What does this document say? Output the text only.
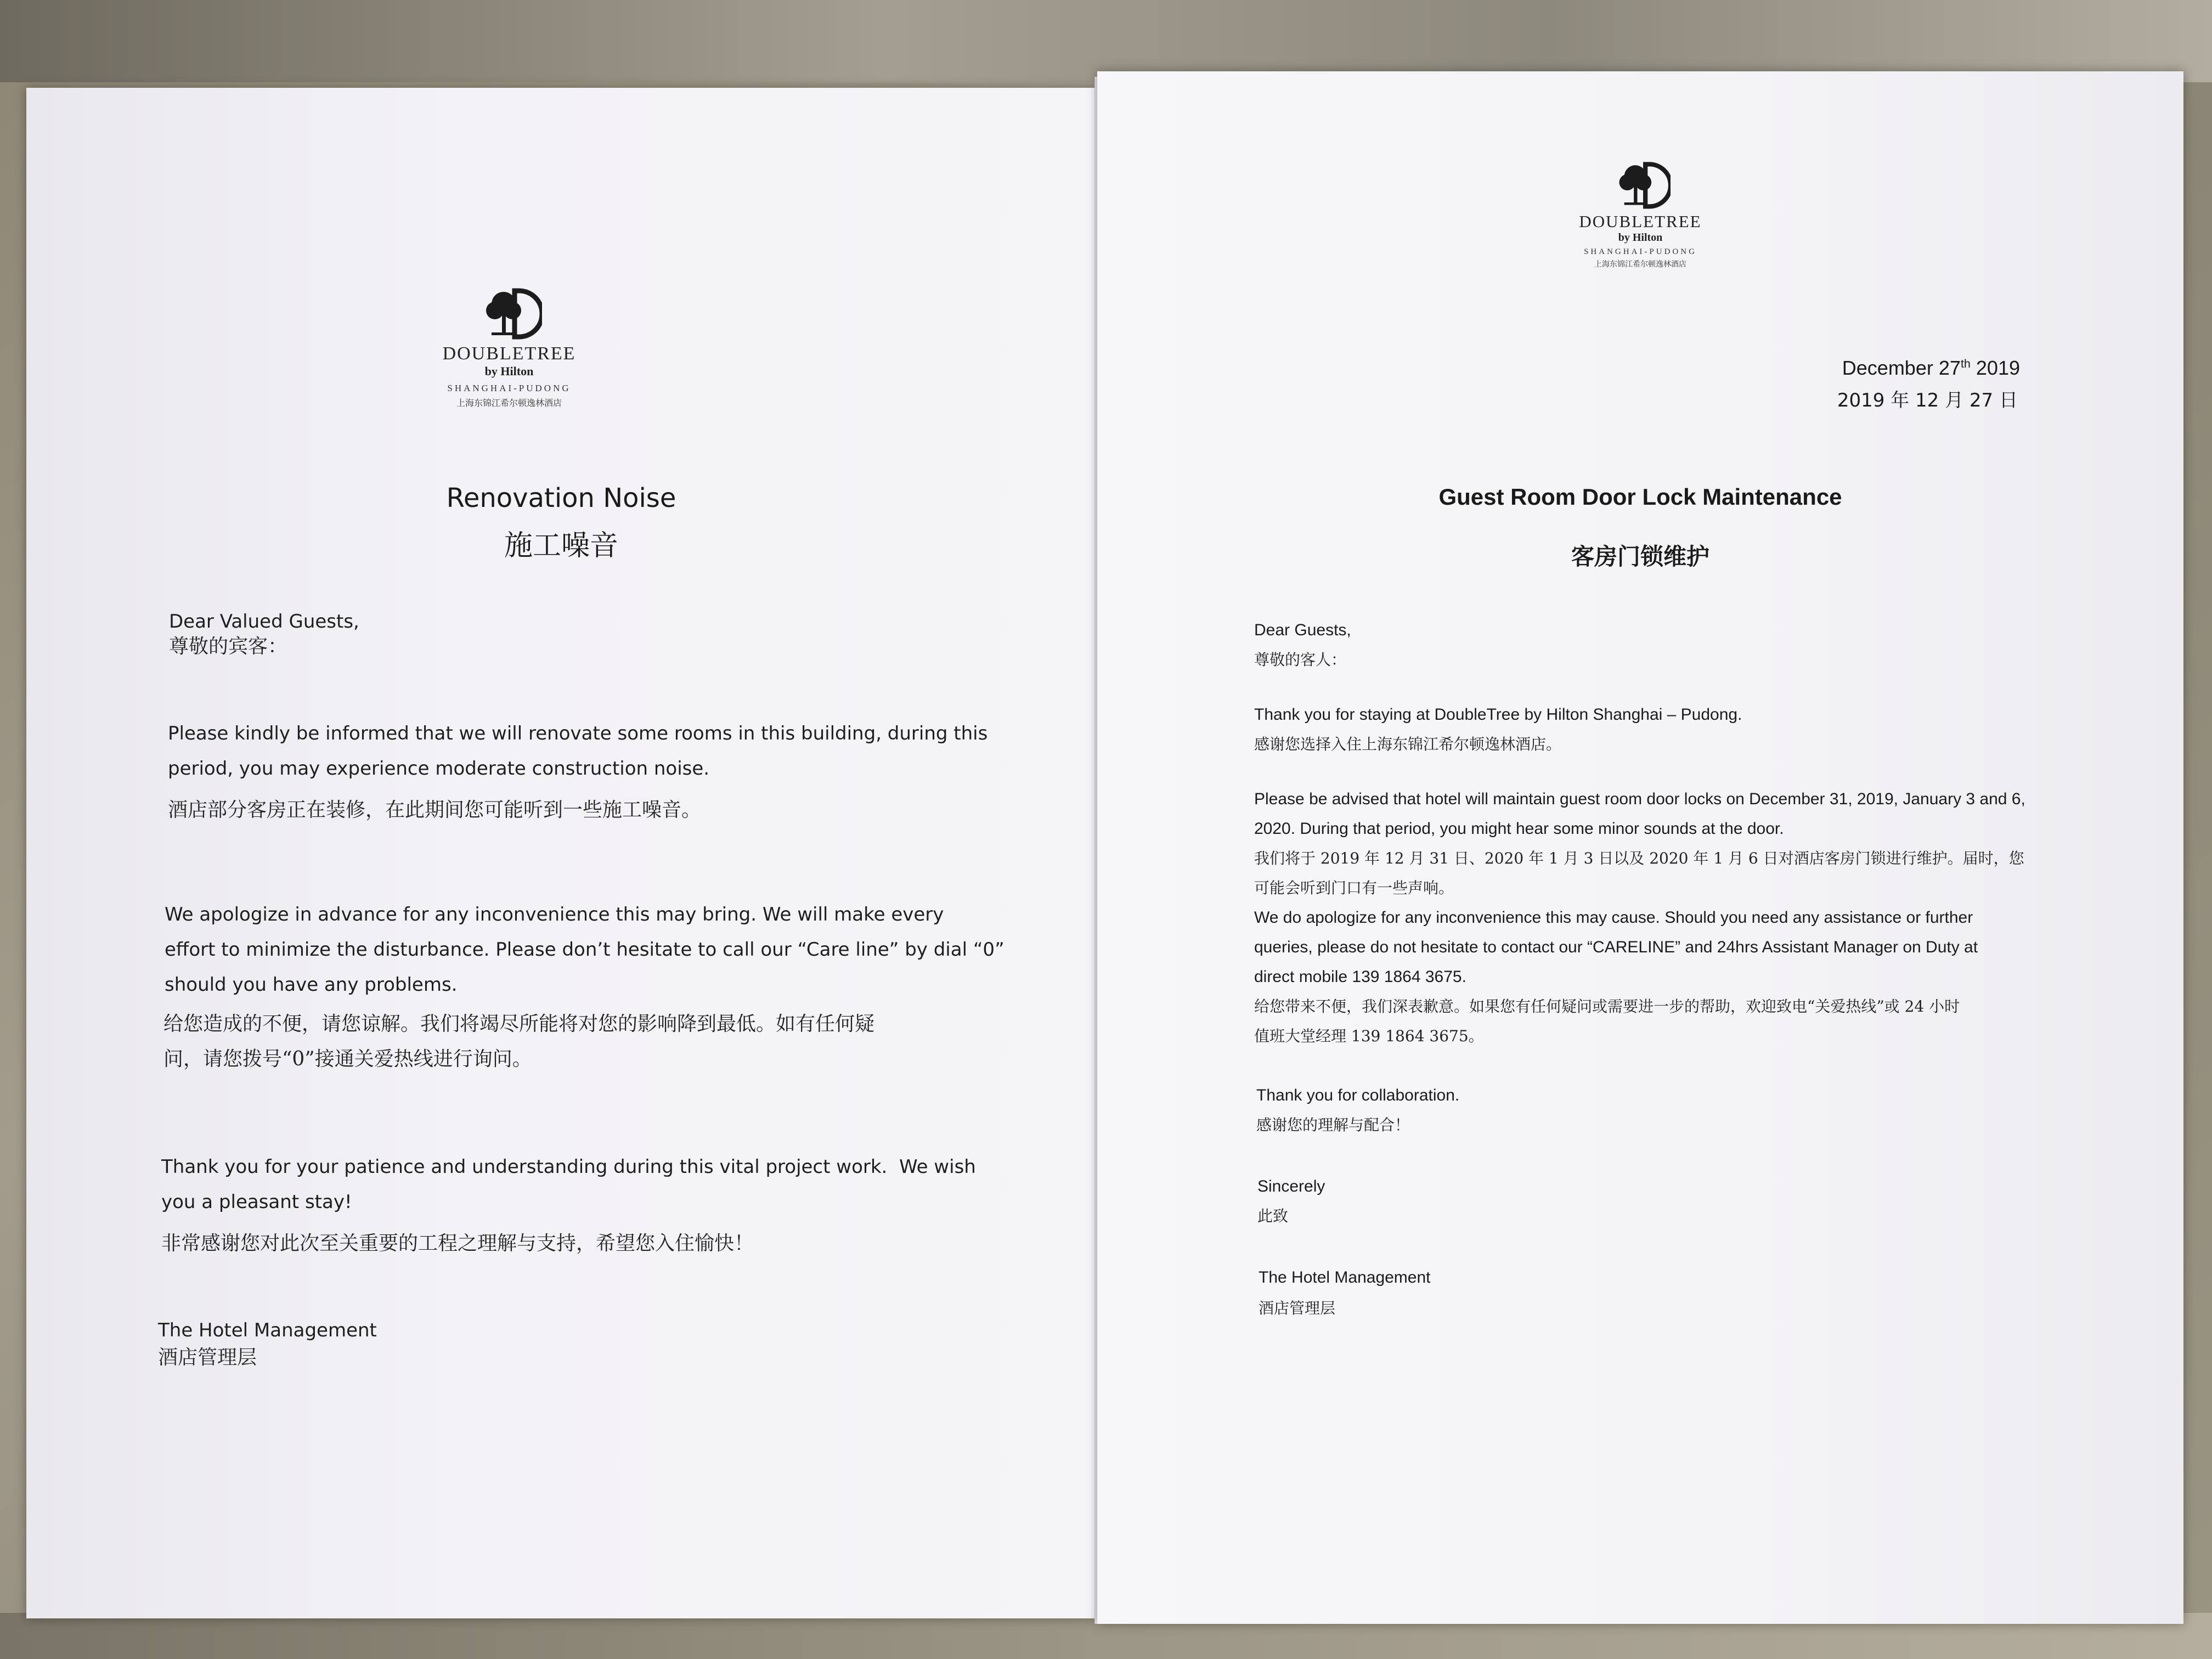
DOUBLETREE
by Hilton
SHANGHAI-PUDONG
上海东锦江希尔顿逸林酒店
Renovation Noise
施工噪音
Dear Valued Guests,
尊敬的宾客：
Please kindly be informed that we will renovate some rooms in this building, during this
period, you may experience moderate construction noise.
酒店部分客房正在装修，在此期间您可能听到一些施工噪音。
We apologize in advance for any inconvenience this may bring. We will make every
effort to minimize the disturbance. Please don’t hesitate to call our “Care line” by dial “0”
should you have any problems.
给您造成的不便，请您谅解。我们将竭尽所能将对您的影响降到最低。如有任何疑
问，请您拨号“0”接通关爱热线进行询问。
Thank you for your patience and understanding during this vital project work.  We wish
you a pleasant stay!
非常感谢您对此次至关重要的工程之理解与支持，希望您入住愉快！
The Hotel Management
酒店管理层
DOUBLETREE
by Hilton
SHANGHAI-PUDONG
上海东锦江希尔顿逸林酒店
December 27th 2019
2019 年 12 月 27 日
Guest Room Door Lock Maintenance
客房门锁维护
Dear Guests,
尊敬的客人：
Thank you for staying at DoubleTree by Hilton Shanghai – Pudong.
感谢您选择入住上海东锦江希尔顿逸林酒店。
Please be advised that hotel will maintain guest room door locks on December 31, 2019, January 3 and 6,
2020. During that period, you might hear some minor sounds at the door.
我们将于 2019 年 12 月 31 日、2020 年 1 月 3 日以及 2020 年 1 月 6 日对酒店客房门锁进行维护。届时，您
可能会听到门口有一些声响。
We do apologize for any inconvenience this may cause. Should you need any assistance or further
queries, please do not hesitate to contact our “CARELINE” and 24hrs Assistant Manager on Duty at
direct mobile 139 1864 3675.
给您带来不便，我们深表歉意。如果您有任何疑问或需要进一步的帮助，欢迎致电“关爱热线”或 24 小时
值班大堂经理 139 1864 3675。
Thank you for collaboration.
感谢您的理解与配合！
Sincerely
此致
The Hotel Management
酒店管理层
